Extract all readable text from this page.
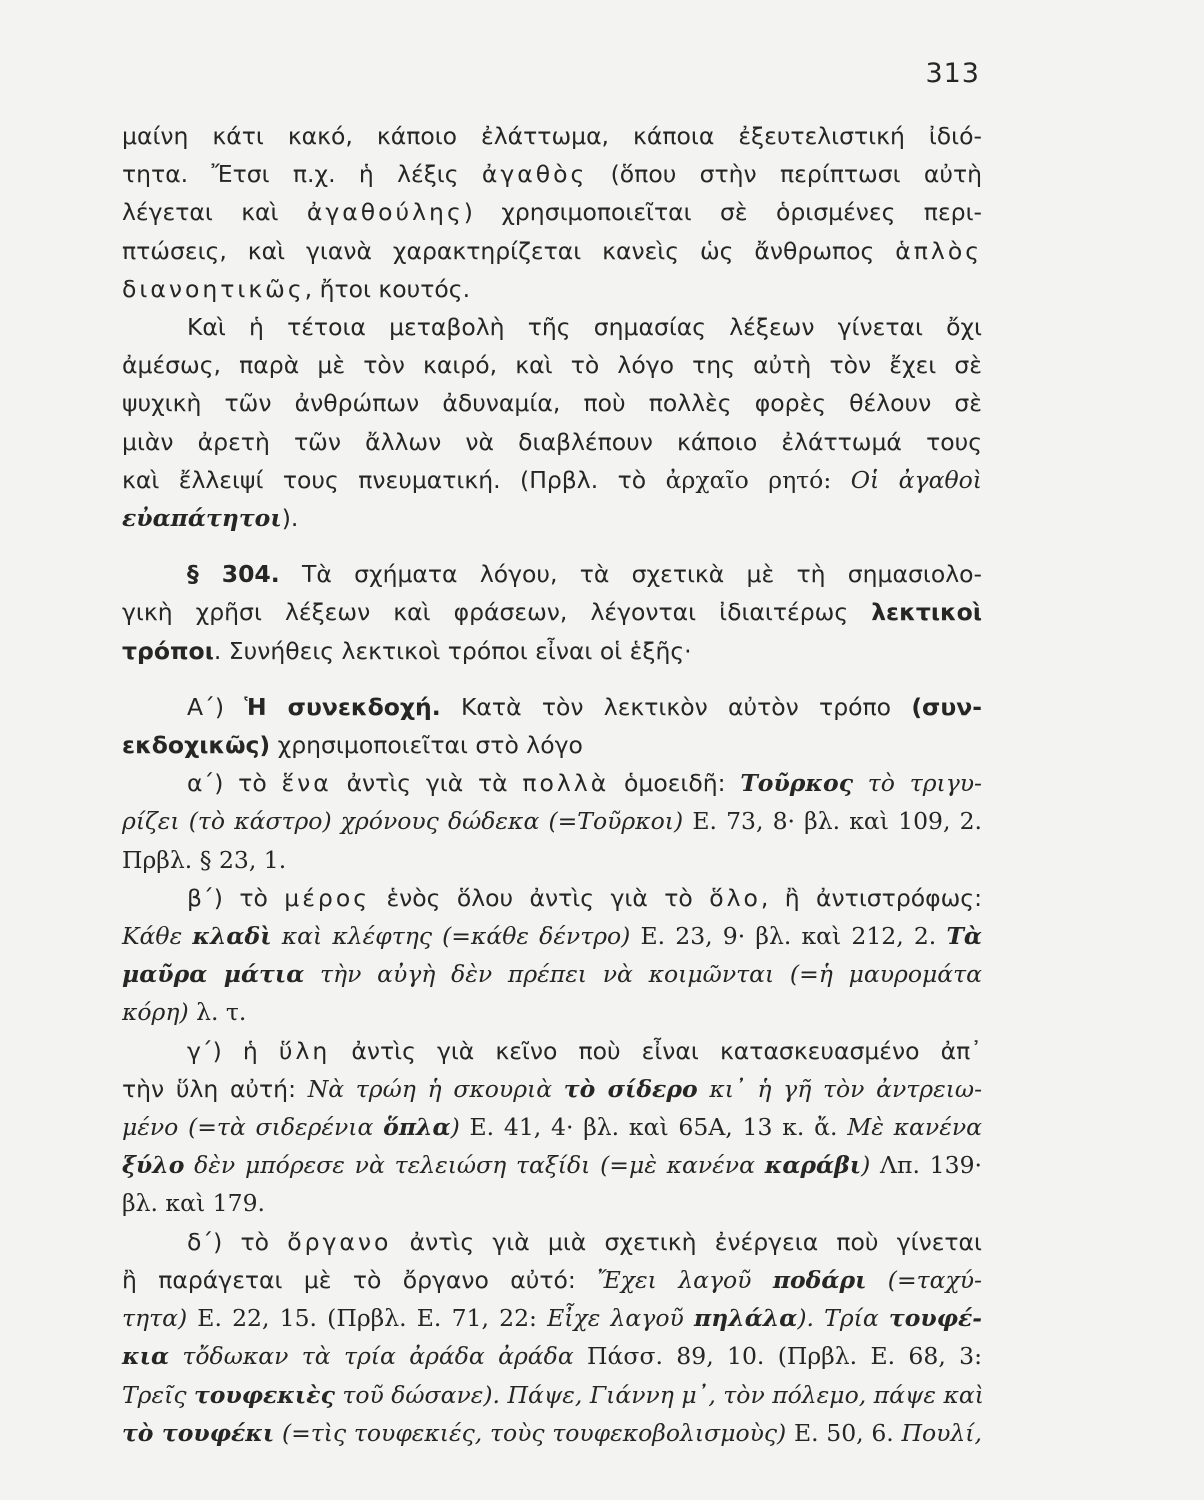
313
μαίνη κάτι κακό, κάποιο ἐλάττωμα, κάποια ἐξευτελιστική ἰδιό-
τητα. Ἔτσι π.χ. ἡ λέξις ἀγαθὸς (ὅπου στὴν περίπτωσι αὐτὴ
λέγεται καὶ ἀγαθούλης) χρησιμοποιεῖται σὲ ὁρισμένες περι-
πτώσεις, καὶ γιανὰ χαρακτηρίζεται κανεὶς ὡς ἄνθρωπος ἁπλὸς
διανοητικῶς, ἤτοι κουτός.
Καὶ ἡ τέτοια μεταβολὴ τῆς σημασίας λέξεων γίνεται ὄχι
ἀμέσως, παρὰ μὲ τὸν καιρό, καὶ τὸ λόγο της αὐτὴ τὸν ἔχει σὲ
ψυχικὴ τῶν ἀνθρώπων ἀδυναμία, ποὺ πολλὲς φορὲς θέλουν σὲ
μιὰν ἀρετὴ τῶν ἄλλων νὰ διαβλέπουν κάποιο ἐλάττωμά τους
καὶ ἔλλειψί τους πνευματική. (Πρβλ. τὸ ἀρχαῖο ρητό: Οἱ ἀγαθοὶ
εὐαπάτητοι).
§ 304. Τὰ σχήματα λόγου, τὰ σχετικὰ μὲ τὴ σημασιολο-
γικὴ χρῆσι λέξεων καὶ φράσεων, λέγονται ἰδιαιτέρως λεκτικοὶ
τρόποι. Συνήθεις λεκτικοὶ τρόποι εἶναι οἱ ἑξῆς·
Α΄) Ἡ συνεκδοχή. Κατὰ τὸν λεκτικὸν αὐτὸν τρόπο (συν-
εκδοχικῶς) χρησιμοποιεῖται στὸ λόγο
α΄) τὸ ἕνα ἀντὶς γιὰ τὰ πολλὰ ὁμοειδῆ: Τοῦρκος τὸ τριγυ-
ρίζει (τὸ κάστρο) χρόνους δώδεκα (=Τοῦρκοι) Ε. 73, 8· βλ. καὶ 109, 2.
Πρβλ. § 23, 1.
β΄) τὸ μέρος ἑνὸς ὅλου ἀντὶς γιὰ τὸ ὅλο, ἢ ἀντιστρόφως:
Κάθε κλαδὶ καὶ κλέφτης (=κάθε δέντρο) Ε. 23, 9· βλ. καὶ 212, 2. Τὰ
μαῦρα μάτια τὴν αὐγὴ δὲν πρέπει νὰ κοιμῶνται (=ἡ μαυρομάτα
κόρη) λ. τ.
γ΄) ἡ ὕλη ἀντὶς γιὰ κεῖνο ποὺ εἶναι κατασκευασμένο ἀπ᾽
τὴν ὕλη αὐτή: Νὰ τρώη ἡ σκουριὰ τὸ σίδερο κι᾽ ἡ γῆ τὸν ἀντρειω-
μένο (=τὰ σιδερένια ὅπλα) Ε. 41, 4· βλ. καὶ 65Α, 13 κ. ἄ. Μὲ κανένα
ξύλο δὲν μπόρεσε νὰ τελειώση ταξίδι (=μὲ κανένα καράβι) Λπ. 139·
βλ. καὶ 179.
δ΄) τὸ ὄργανο ἀντὶς γιὰ μιὰ σχετικὴ ἐνέργεια ποὺ γίνεται
ἢ παράγεται μὲ τὸ ὄργανο αὐτό: Ἔχει λαγοῦ ποδάρι (=ταχύ-
τητα) Ε. 22, 15. (Πρβλ. Ε. 71, 22: Εἶχε λαγοῦ πηλάλα). Τρία τουφέ-
κια τὄδωκαν τὰ τρία ἀράδα ἀράδα Πάσσ. 89, 10. (Πρβλ. Ε. 68, 3:
Τρεῖς τουφεκιὲς τοῦ δώσανε). Πάψε, Γιάννη μ᾽, τὸν πόλεμο, πάψε καὶ
τὸ τουφέκι (=τὶς τουφεκιές, τοὺς τουφεκοβολισμοὺς) Ε. 50, 6. Πουλί,
